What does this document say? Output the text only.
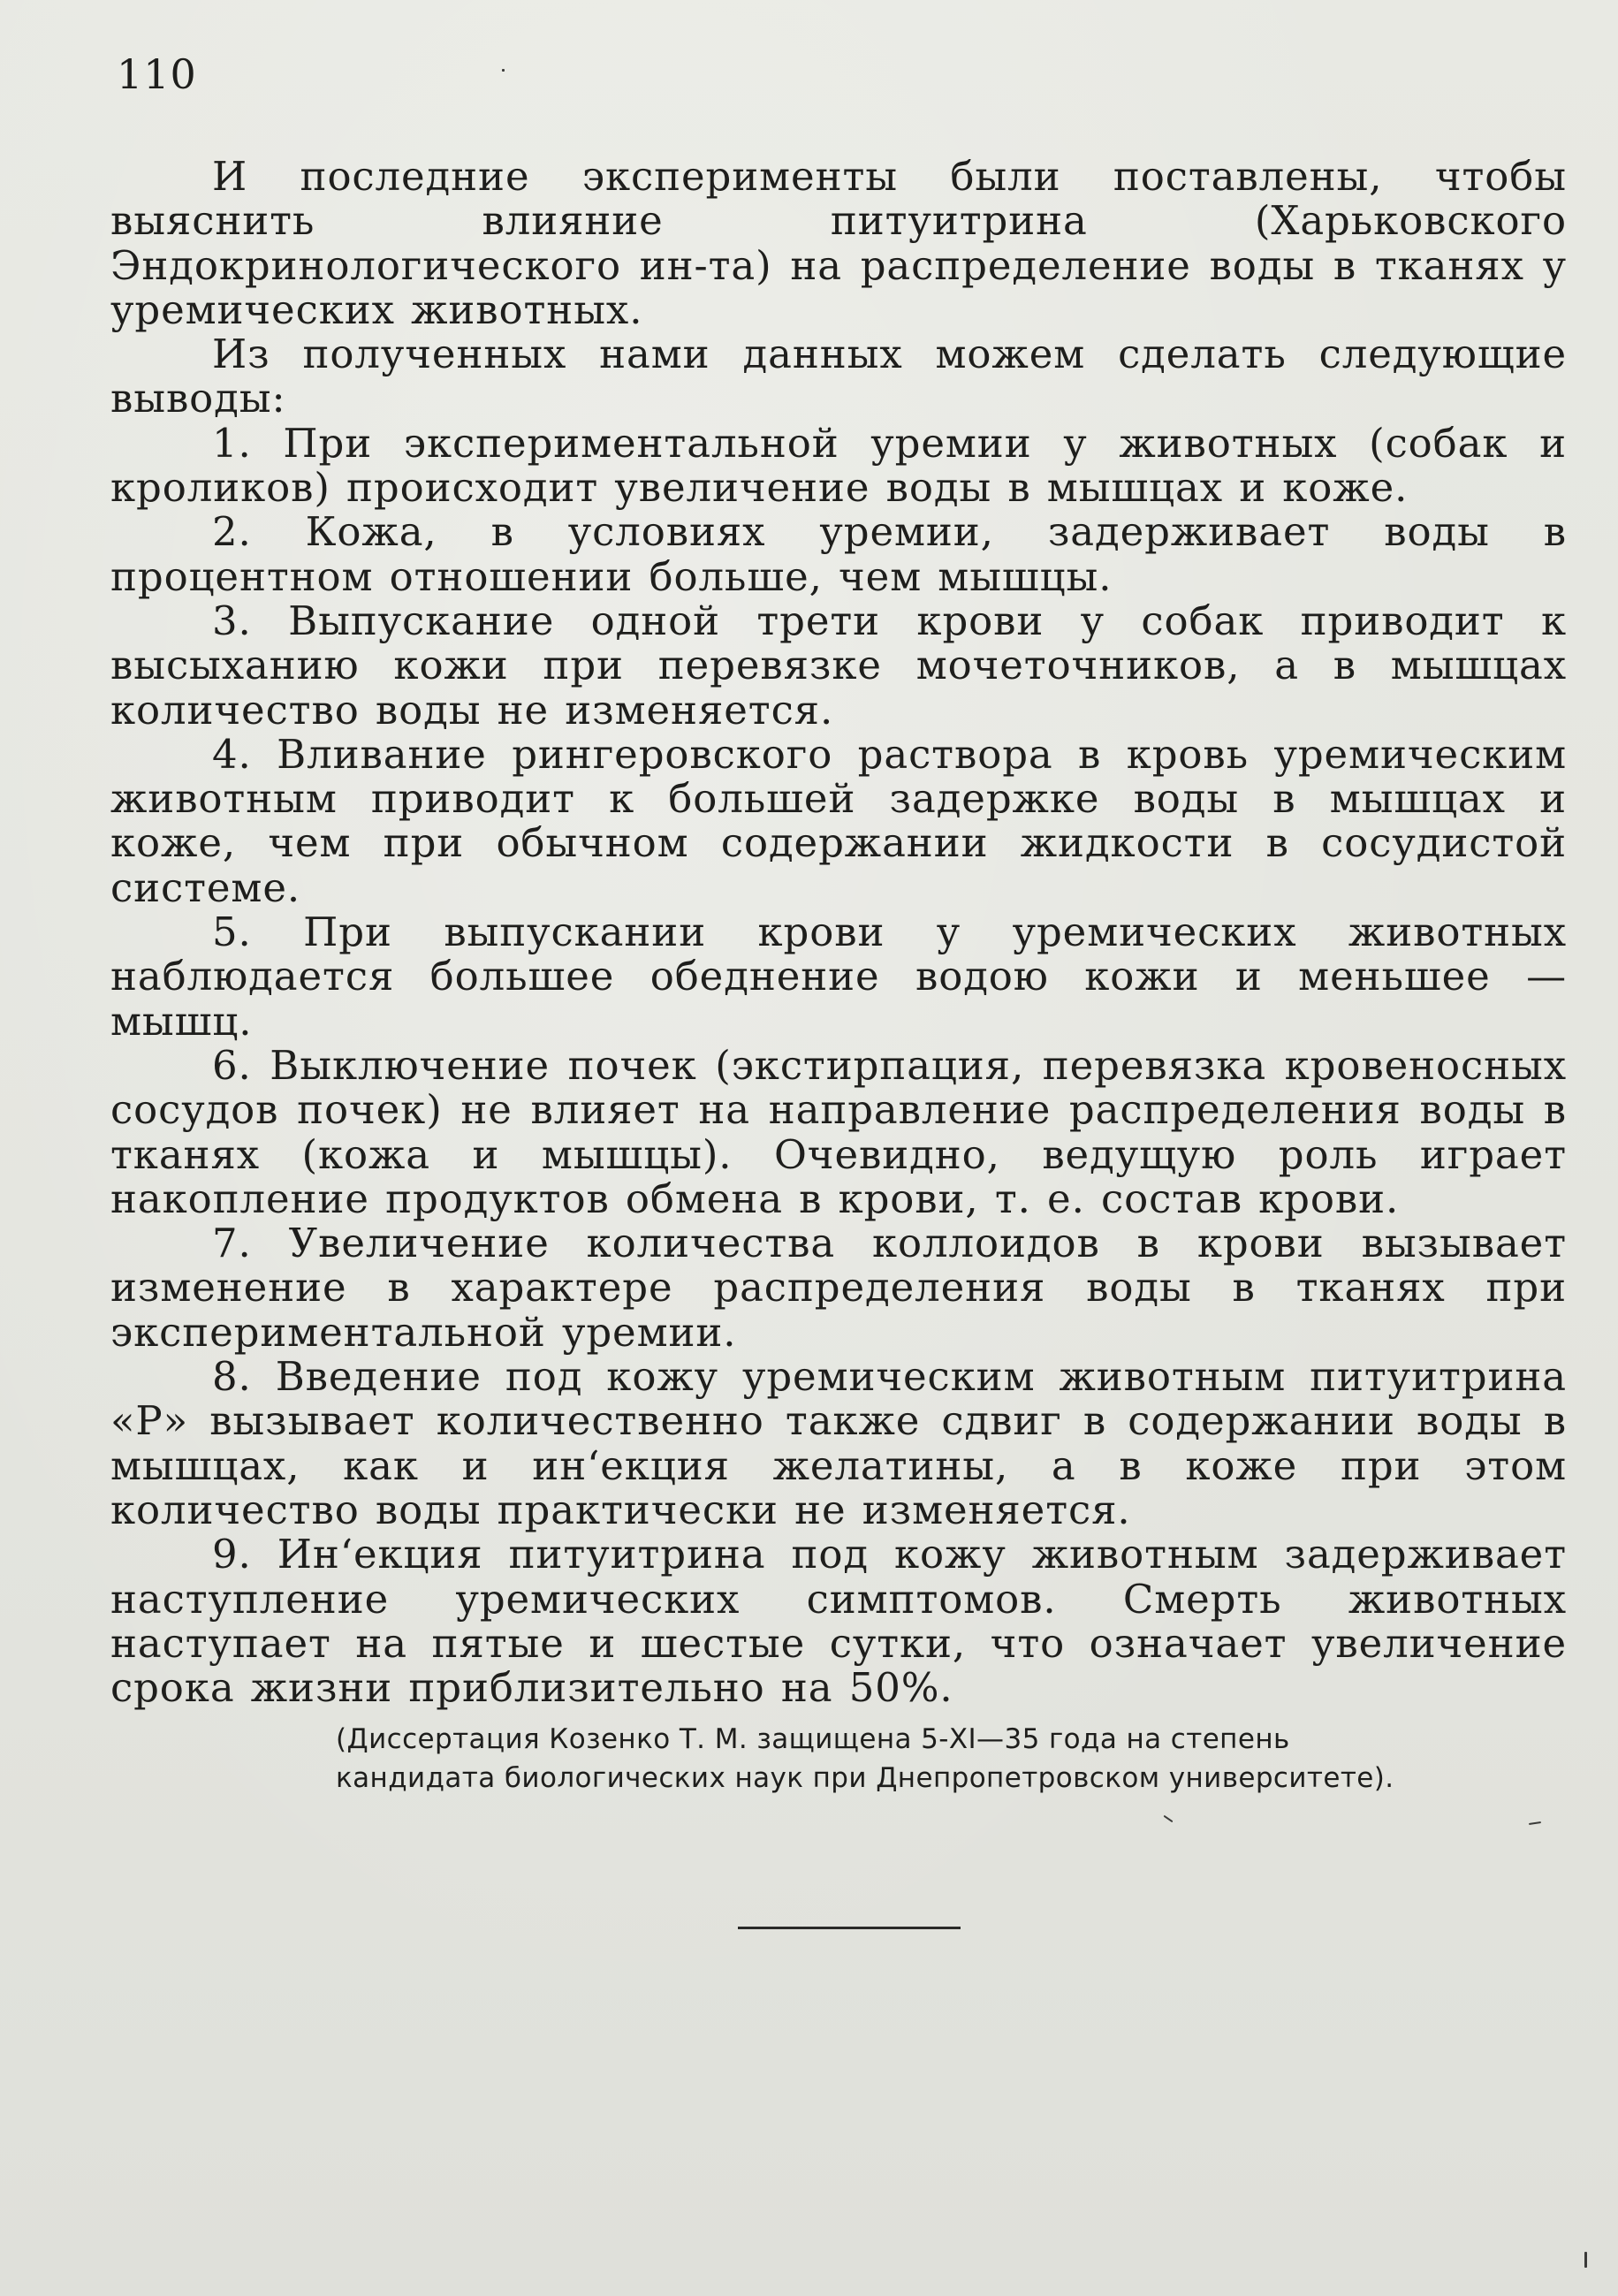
110

И последние эксперименты были поставлены, чтобы выяснить влияние питуитрина (Харьковского Эндокринологического ин-та) на распределение воды в тканях у уремических животных.

Из полученных нами данных можем сделать следующие выводы:

1. При экспериментальной уремии у животных (собак и кроликов) происходит увеличение воды в мышцах и коже.

2. Кожа, в условиях уремии, задерживает воды в процентном отношении больше, чем мышцы.

3. Выпускание одной трети крови у собак приводит к высыханию кожи при перевязке мочеточников, а в мышцах количество воды не изменяется.

4. Вливание рингеровского раствора в кровь уремическим животным приводит к большей задержке воды в мышцах и коже, чем при обычном содержании жидкости в сосудистой системе.

5. При выпускании крови у уремических животных наблюдается большее обеднение водою кожи и меньшее — мышц.

6. Выключение почек (экстирпация, перевязка кровеносных сосудов почек) не влияет на направление распределения воды в тканях (кожа и мышцы). Очевидно, ведущую роль играет накопление продуктов обмена в крови, т. е. состав крови.

7. Увеличение количества коллоидов в крови вызывает изменение в характере распределения воды в тканях при экспериментальной уремии.

8. Введение под кожу уремическим животным питуитрина «Р» вызывает количественно также сдвиг в содержании воды в мышцах, как и ин‘екция желатины, а в коже при этом количество воды практически не изменяется.

9. Ин‘екция питуитрина под кожу животным задерживает наступление уремических симптомов. Смерть животных наступает на пятые и шестые сутки, что означает увеличение срока жизни приблизительно на 50%.

(Диссертация Козенко Т. М. защищена 5-XI—35 года на степень
кандидата биологических наук при Днепропетровском университете).
